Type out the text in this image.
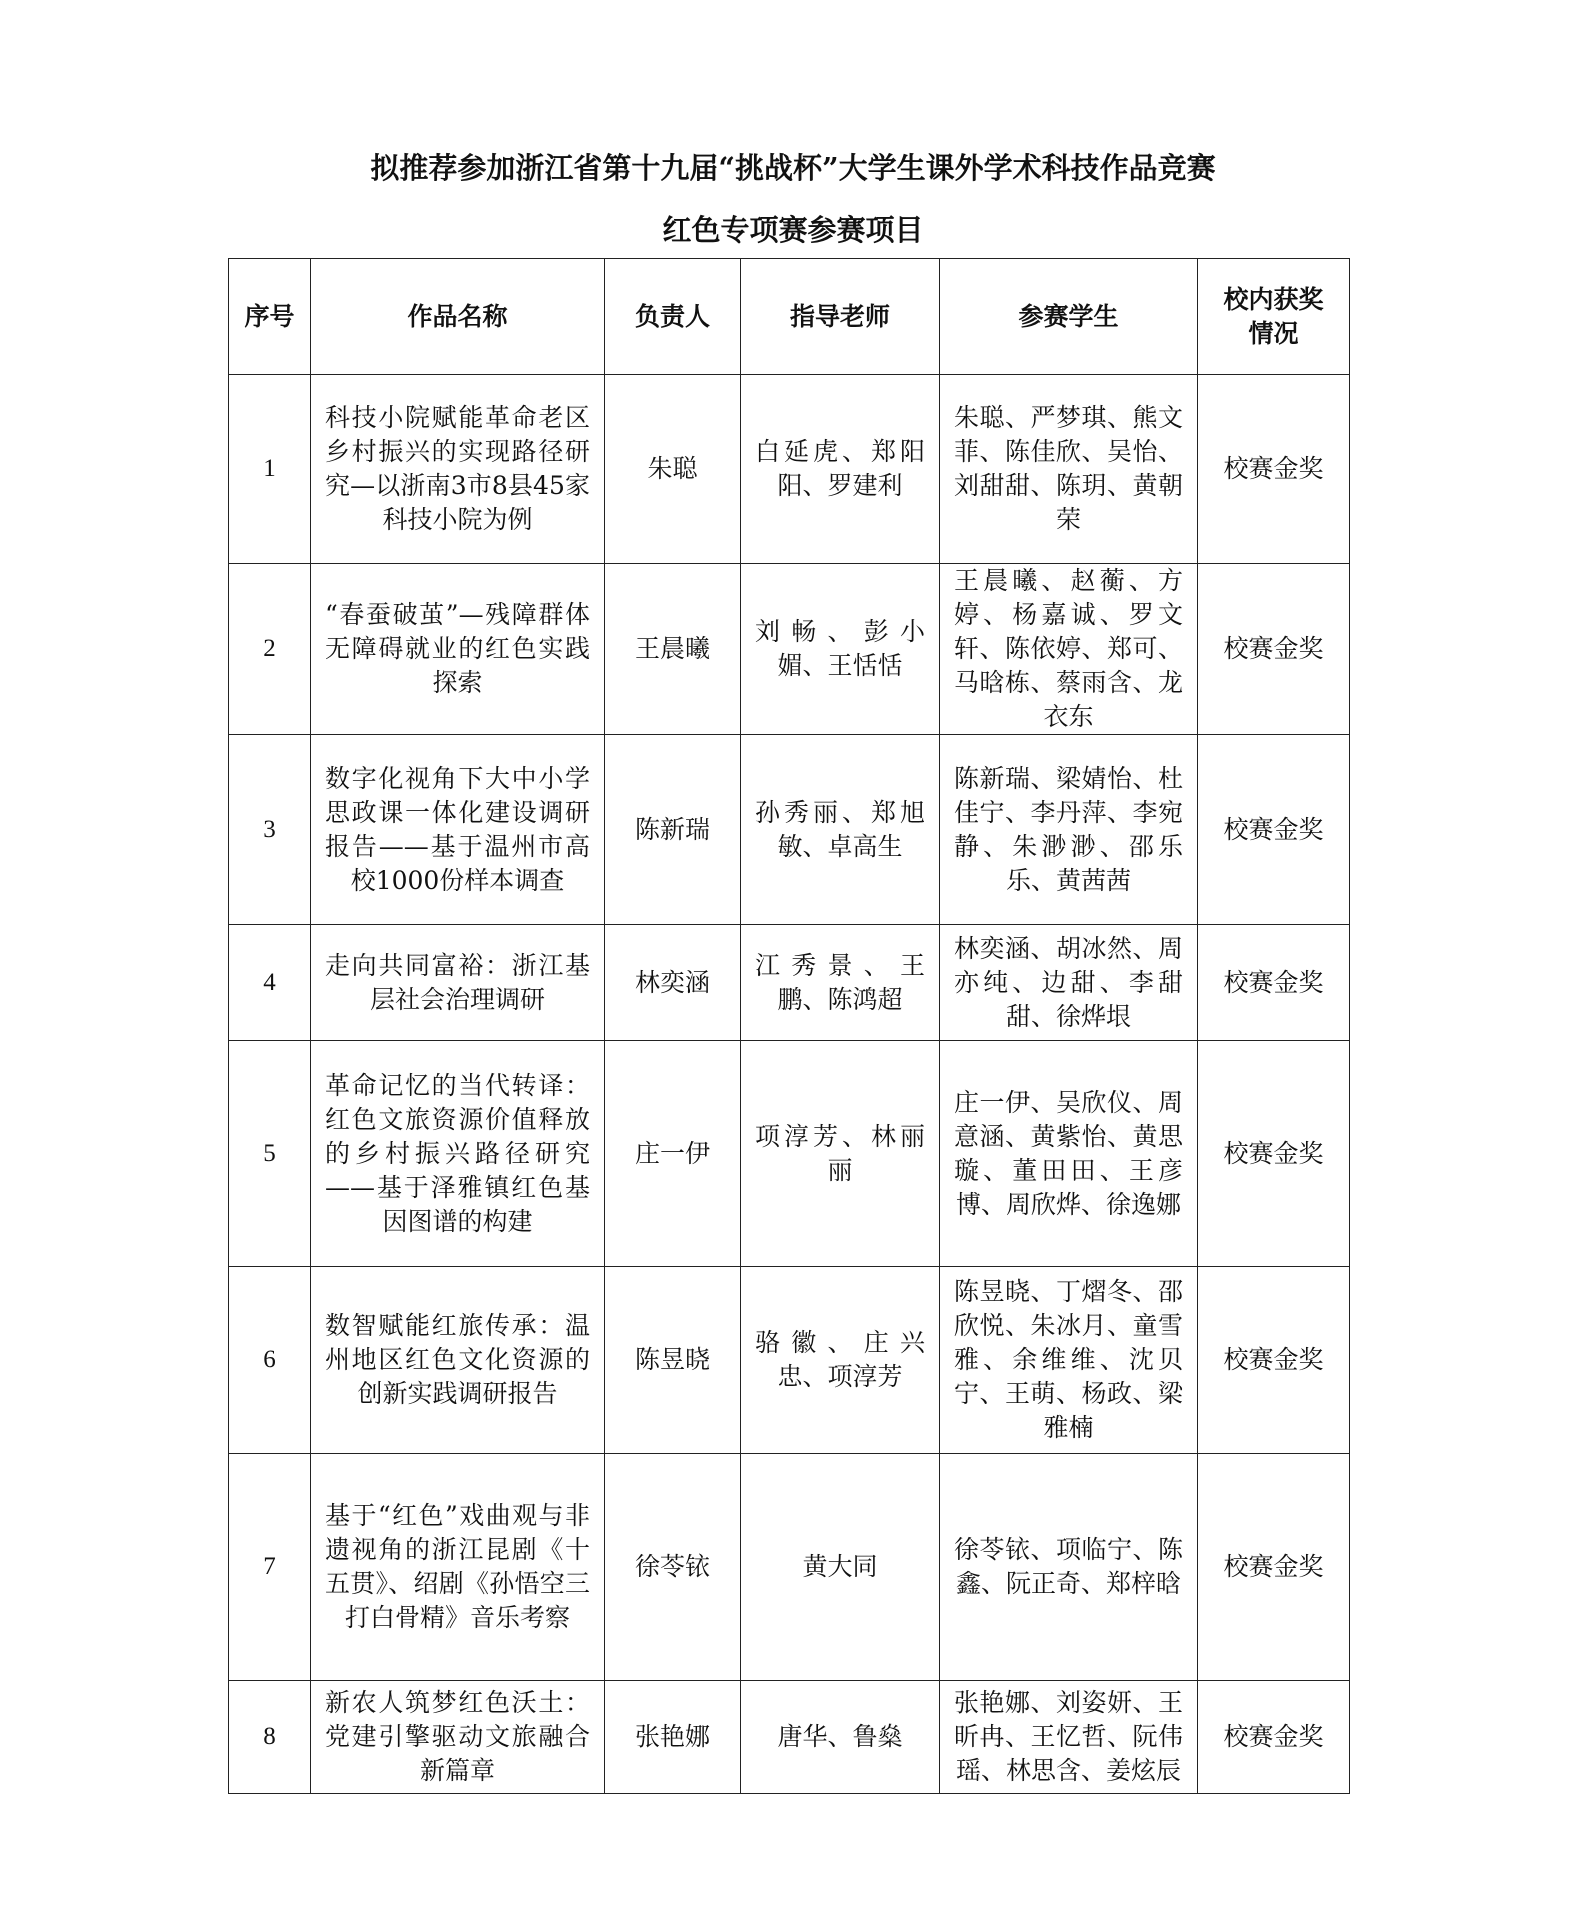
拟推荐参加浙江省第十九届“挑战杯”大学生课外学术科技作品竞赛
红色专项赛参赛项目
序号	作品名称	负责人	指导老师	参赛学生	校内获奖情况
1	科技小院赋能革命老区乡村振兴的实现路径研究—以浙南3市8县45家科技小院为例	朱聪	白延虎、郑阳阳、罗建利	朱聪、严梦琪、熊文菲、陈佳欣、吴怡、刘甜甜、陈玥、黄朝荣	校赛金奖
2	“春蚕破茧”—残障群体无障碍就业的红色实践探索	王晨曦	刘畅、彭小媚、王恬恬	王晨曦、赵蘅、方婷、杨嘉诚、罗文轩、陈依婷、郑可、马晗栋、蔡雨含、龙衣东	校赛金奖
3	数字化视角下大中小学思政课一体化建设调研报告——基于温州市高校1000份样本调查	陈新瑞	孙秀丽、郑旭敏、卓高生	陈新瑞、梁婧怡、杜佳宁、李丹萍、李宛静、朱渺渺、邵乐乐、黄茜茜	校赛金奖
4	走向共同富裕：浙江基层社会治理调研	林奕涵	江秀景、王鹏、陈鸿超	林奕涵、胡冰然、周亦纯、边甜、李甜甜、徐烨垠	校赛金奖
5	革命记忆的当代转译：红色文旅资源价值释放的乡村振兴路径研究——基于泽雅镇红色基因图谱的构建	庄一伊	项淳芳、林丽丽	庄一伊、吴欣仪、周意涵、黄紫怡、黄思璇、董田田、王彦博、周欣烨、徐逸娜	校赛金奖
6	数智赋能红旅传承：温州地区红色文化资源的创新实践调研报告	陈昱晓	骆徽、庄兴忠、项淳芳	陈昱晓、丁熠冬、邵欣悦、朱冰月、童雪雅、余维维、沈贝宁、王萌、杨政、梁雅楠	校赛金奖
7	基于“红色”戏曲观与非遗视角的浙江昆剧《十五贯》、绍剧《孙悟空三打白骨精》音乐考察	徐苓铱	黄大同	徐苓铱、项临宁、陈鑫、阮正奇、郑梓晗	校赛金奖
8	新农人筑梦红色沃土：党建引擎驱动文旅融合新篇章	张艳娜	唐华、鲁燊	张艳娜、刘姿妍、王昕冉、王忆哲、阮伟瑶、林思含、姜炫辰	校赛金奖
